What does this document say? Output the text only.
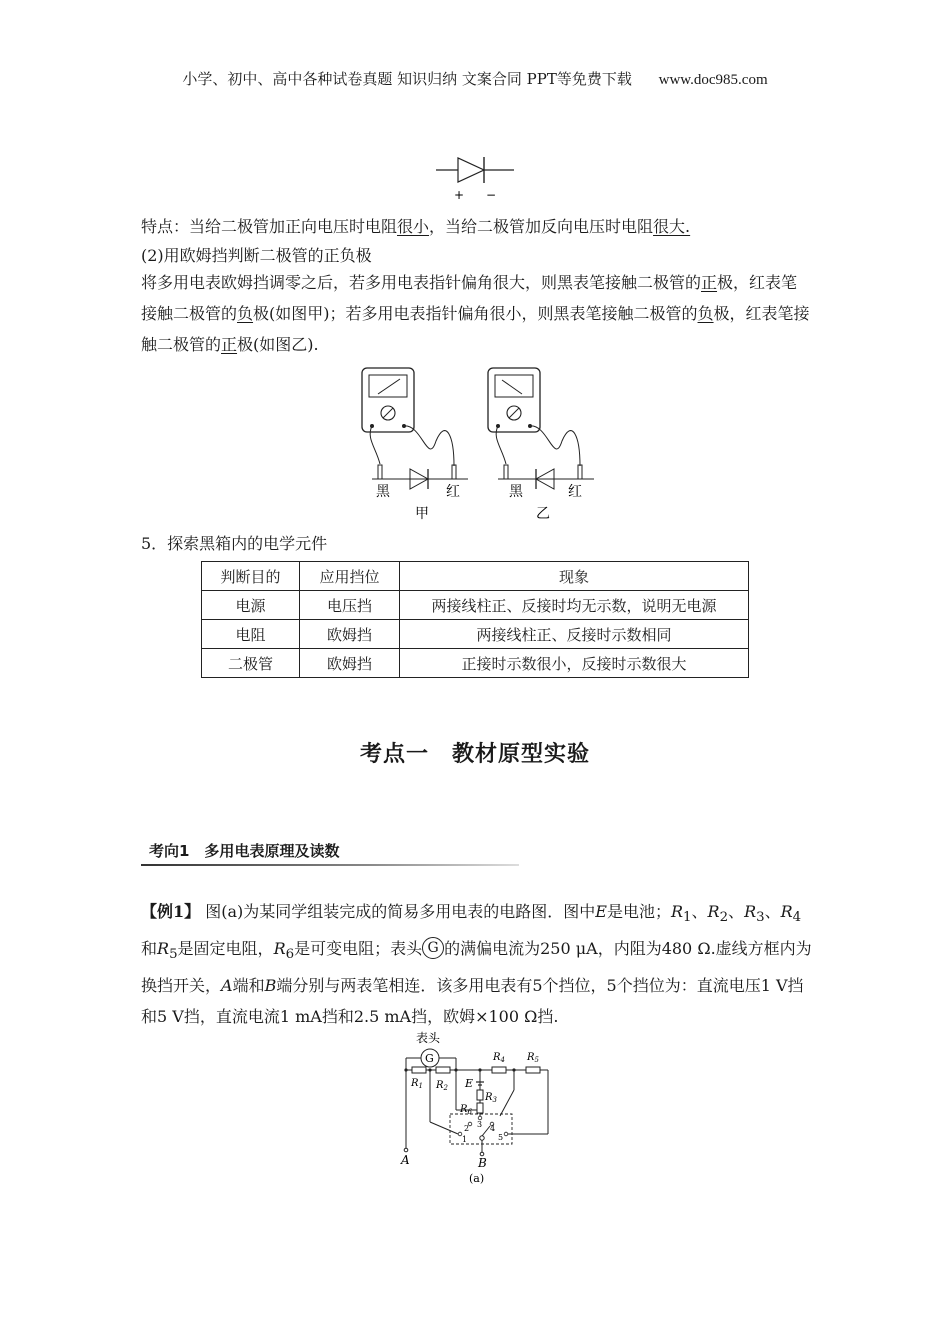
小学、初中、高中各种试卷真题 知识归纳 文案合同 PPT等免费下载 www.doc985.com
+ −
特点：当给二极管加正向电压时电阻很小，当给二极管加反向电压时电阻很大.
(2)用欧姆挡判断二极管的正负极
将多用电表欧姆挡调零之后，若多用电表指针偏角很大，则黑表笔接触二极管的正极，红表笔接触二极管的负极(如图甲)；若多用电表指针偏角很小，则黑表笔接触二极管的负极，红表笔接触二极管的正极(如图乙).
黑	红
甲
黑	红
乙
5．探索黑箱内的电学元件
判断目的	应用挡位	现象
电源	电压挡	两接线柱正、反接时均无示数，说明无电源
电阻	欧姆挡	两接线柱正、反接时示数相同
二极管	欧姆挡	正接时示数很小，反接时示数很大
考点一　教材原型实验
考向1　多用电表原理及读数
【例1】 图(a)为某同学组装完成的简易多用电表的电路图．图中E是电池；$R_1$、$R_2$、$R_3$、$R_4$和$R_5$是固定电阻，$R_6$是可变电阻；表头 G 的满偏电流为250 μA，内阻为480 Ω.虚线方框内为换挡开关，A端和B端分别与两表笔相连．该多用电表有5个挡位，5个挡位为：直流电压1 V挡和5 V挡，直流电流1 mA挡和2.5 mA挡，欧姆×100 Ω挡.
表头
G
$R_1$ $R_2$
$R_4$ $R_5$
E
$R_3$
$R_6$
1
2 3 4
5
A	B
(a)
